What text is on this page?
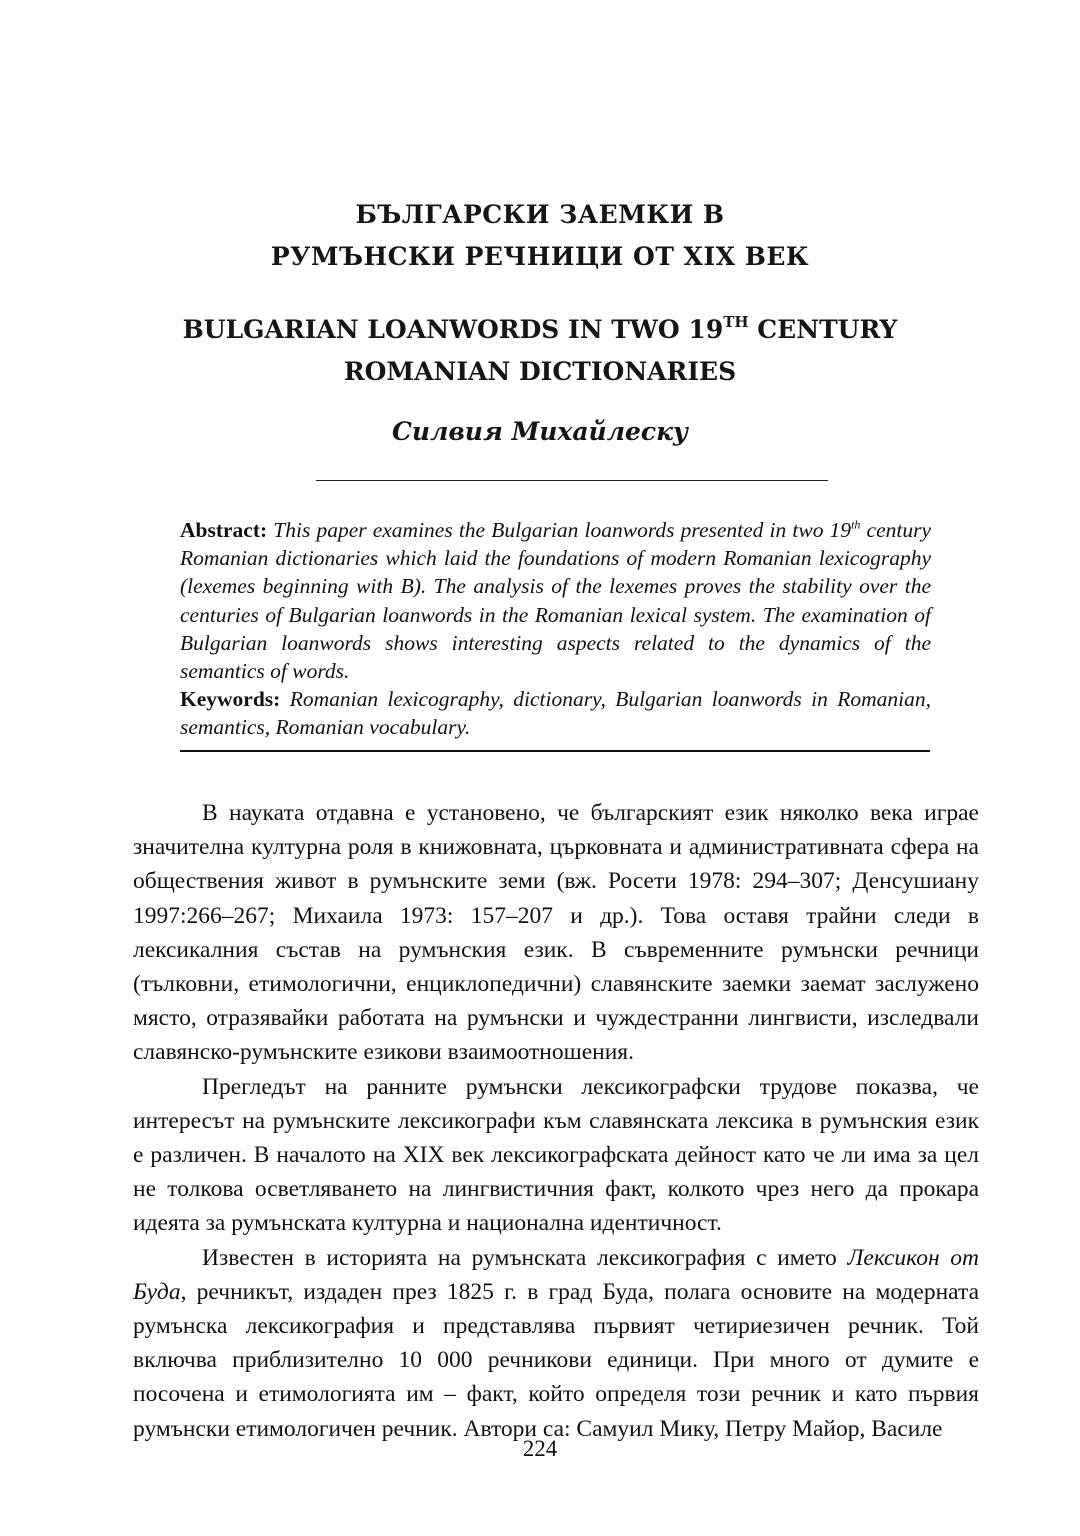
БЪЛГАРСКИ ЗАЕМКИ В
РУМЪНСКИ РЕЧНИЦИ ОТ XIX ВЕК
BULGARIAN LOANWORDS IN TWO 19TH CENTURY
ROMANIAN DICTIONARIES
Силвия Михайлеску

Abstract: This paper examines the Bulgarian loanwords presented in two 19th century Romanian dictionaries which laid the foundations of modern Romanian lexicography (lexemes beginning with B). The analysis of the lexemes proves the stability over the centuries of Bulgarian loanwords in the Romanian lexical system. The examination of Bulgarian loanwords shows interesting aspects related to the dynamics of the semantics of words.

Keywords: Romanian lexicography, dictionary, Bulgarian loanwords in Romanian, semantics, Romanian vocabulary.

В науката отдавна е установено, че българският език няколко века играе значителна културна роля в книжовната, църковната и административната сфера на обществения живот в румънските земи (вж. Росети 1978: 294–307; Денсушиану 1997:266–267; Михаила 1973: 157–207 и др.). Това оставя трайни следи в лексикалния състав на румънския език. В съвременните румънски речници (тълковни, етимологични, енциклопедични) славянските заемки заемат заслужено място, отразявайки работата на румънски и чуждестранни лингвисти, изследвали славянско-румънските езикови взаимоотношения.

Прегледът на ранните румънски лексикографски трудове показва, че интересът на румънските лексикографи към славянската лексика в румънския език е различен. В началото на XIX век лексикографската дейност като че ли има за цел не толкова осветляването на лингвистичния факт, колкото чрез него да прокара идеята за румънската културна и национална идентичност.

Известен в историята на румънската лексикография с името Лексикон от Буда, речникът, издаден през 1825 г. в град Буда, полага основите на модерната румънска лексикография и представлява първият четириезичен речник. Той включва приблизително 10 000 речникови единици. При много от думите е посочена и етимологията им – факт, който определя този речник и като първия румънски етимологичен речник. Автори са: Самуил Мику, Петру Майор, Василе

224
